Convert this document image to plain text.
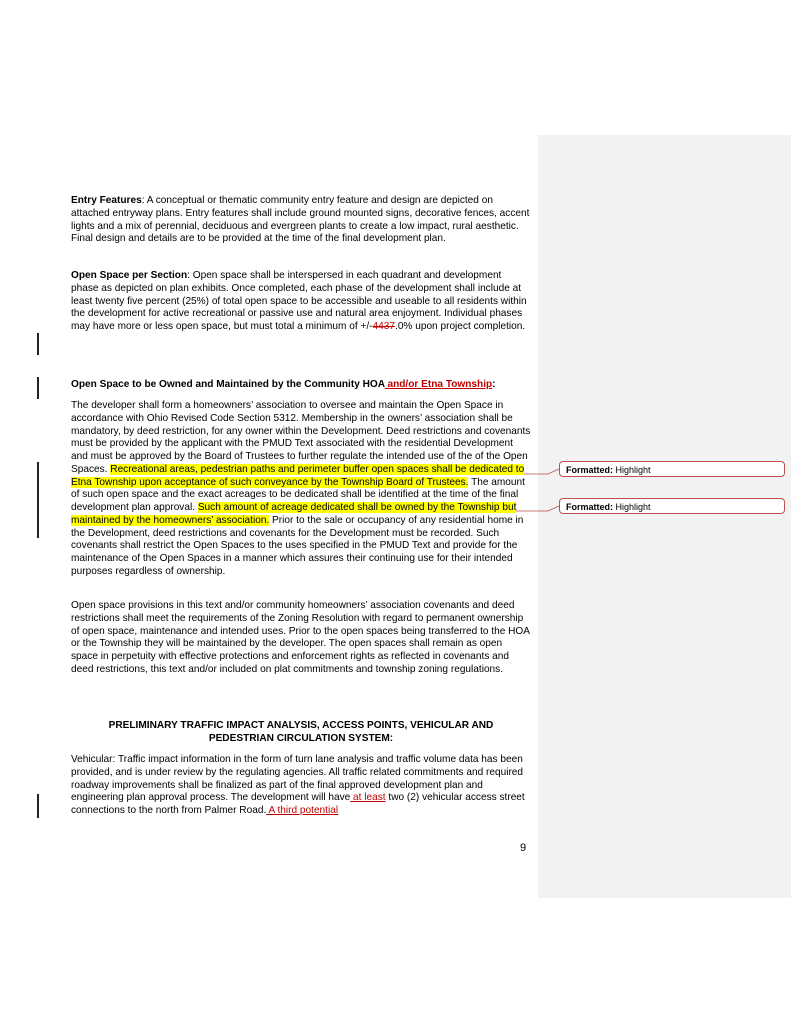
Formatted: Highlight
Formatted: Highlight
Entry Features: A conceptual or thematic community entry feature and design are depicted on attached entryway plans. Entry features shall include ground mounted signs, decorative fences, accent lights and a mix of perennial, deciduous and evergreen plants to create a low impact, rural aesthetic. Final design and details are to be provided at the time of the final development plan.
Open Space per Section: Open space shall be interspersed in each quadrant and development phase as depicted on plan exhibits. Once completed, each phase of the development shall include at least twenty five percent (25%) of total open space to be accessible and useable to all residents within the development for active recreational or passive use and natural area enjoyment. Individual phases may have more or less open space, but must total a minimum of +/-4437.0% upon project completion.
Open Space to be Owned and Maintained by the Community HOA and/or Etna Township:
The developer shall form a homeowners’ association to oversee and maintain the Open Space in accordance with Ohio Revised Code Section 5312. Membership in the owners’ association shall be mandatory, by deed restriction, for any owner within the Development. Deed restrictions and covenants must be provided by the applicant with the PMUD Text associated with the residential Development and must be approved by the Board of Trustees to further regulate the intended use of the of the Open Spaces. Recreational areas, pedestrian paths and perimeter buffer open spaces shall be dedicated to Etna Township upon acceptance of such conveyance by the Township Board of Trustees. The amount of such open space and the exact acreages to be dedicated shall be identified at the time of the final development plan approval. Such amount of acreage dedicated shall be owned by the Township but maintained by the homeowners’ association. Prior to the sale or occupancy of any residential home in the Development, deed restrictions and covenants for the Development must be recorded. Such covenants shall restrict the Open Spaces to the uses specified in the PMUD Text and provide for the maintenance of the Open Spaces in a manner which assures their continuing use for their intended purposes regardless of ownership.
Open space provisions in this text and/or community homeowners’ association covenants and deed restrictions shall meet the requirements of the Zoning Resolution with regard to permanent ownership of open space, maintenance and intended uses. Prior to the open spaces being transferred to the HOA or the Township they will be maintained by the developer. The open spaces shall remain as open space in perpetuity with effective protections and enforcement rights as reflected in covenants and deed restrictions, this text and/or included on plat commitments and township zoning regulations.
PRELIMINARY TRAFFIC IMPACT ANALYSIS, ACCESS POINTS, VEHICULAR AND
PEDESTRIAN CIRCULATION SYSTEM:
Vehicular: Traffic impact information in the form of turn lane analysis and traffic volume data has been provided, and is under review by the regulating agencies. All traffic related commitments and required roadway improvements shall be finalized as part of the final approved development plan and engineering plan approval process. The development will have at least two (2) vehicular access street connections to the north from Palmer Road. A third potential
9
